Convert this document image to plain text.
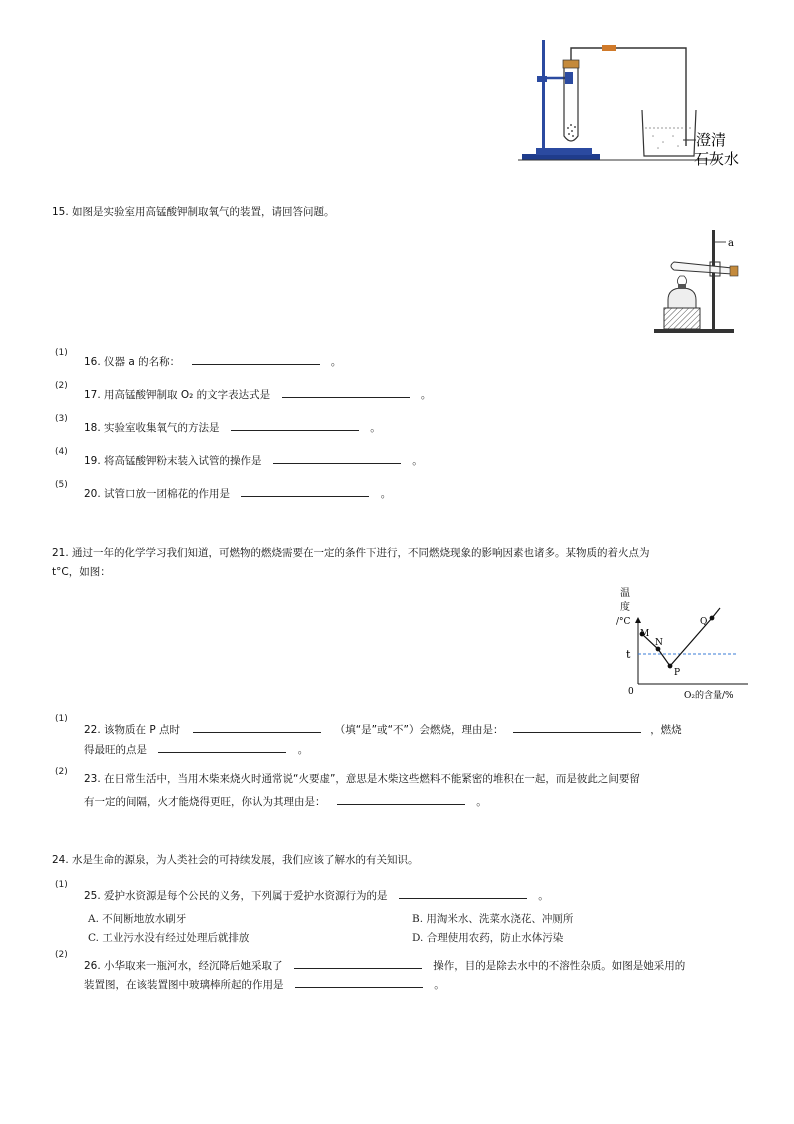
澄清
石灰水
15. 如图是实验室用高锰酸钾制取氧气的装置，请回答问题。
a
(1)
16. 仪器 a 的名称：	。
(2)
17. 用高锰酸钾制取 O₂ 的文字表达式是	。
(3)
18. 实验室收集氧气的方法是	。
(4)
19. 将高锰酸钾粉末装入试管的操作是	。
(5)
20. 试管口放一团棉花的作用是	。
21. 通过一年的化学学习我们知道，可燃物的燃烧需要在一定的条件下进行，不同燃烧现象的影响因素也诸多。某物质的着火点为
t°C，如图：
温
度
/°C
M
N
P
Q
t
0	O₂的含量/%
(1)
22. 该物质在 P 点时	（填“是”或“不”）会燃烧，理由是：	，燃烧
得最旺的点是	。
(2)
23. 在日常生活中，当用木柴来烧火时通常说“火要虚”，意思是木柴这些燃料不能紧密的堆积在一起，而是彼此之间要留
有一定的间隔，火才能烧得更旺，你认为其理由是：	。
24. 水是生命的源泉，为人类社会的可持续发展，我们应该了解水的有关知识。
(1)
25. 爱护水资源是每个公民的义务，下列属于爱护水资源行为的是	。
A. 不间断地放水刷牙	B. 用淘米水、洗菜水浇花、冲厕所
C. 工业污水没有经过处理后就排放	D. 合理使用农药，防止水体污染
(2)
26. 小华取来一瓶河水，经沉降后她采取了	操作，目的是除去水中的不溶性杂质。如图是她采用的
装置图，在该装置图中玻璃棒所起的作用是	。
